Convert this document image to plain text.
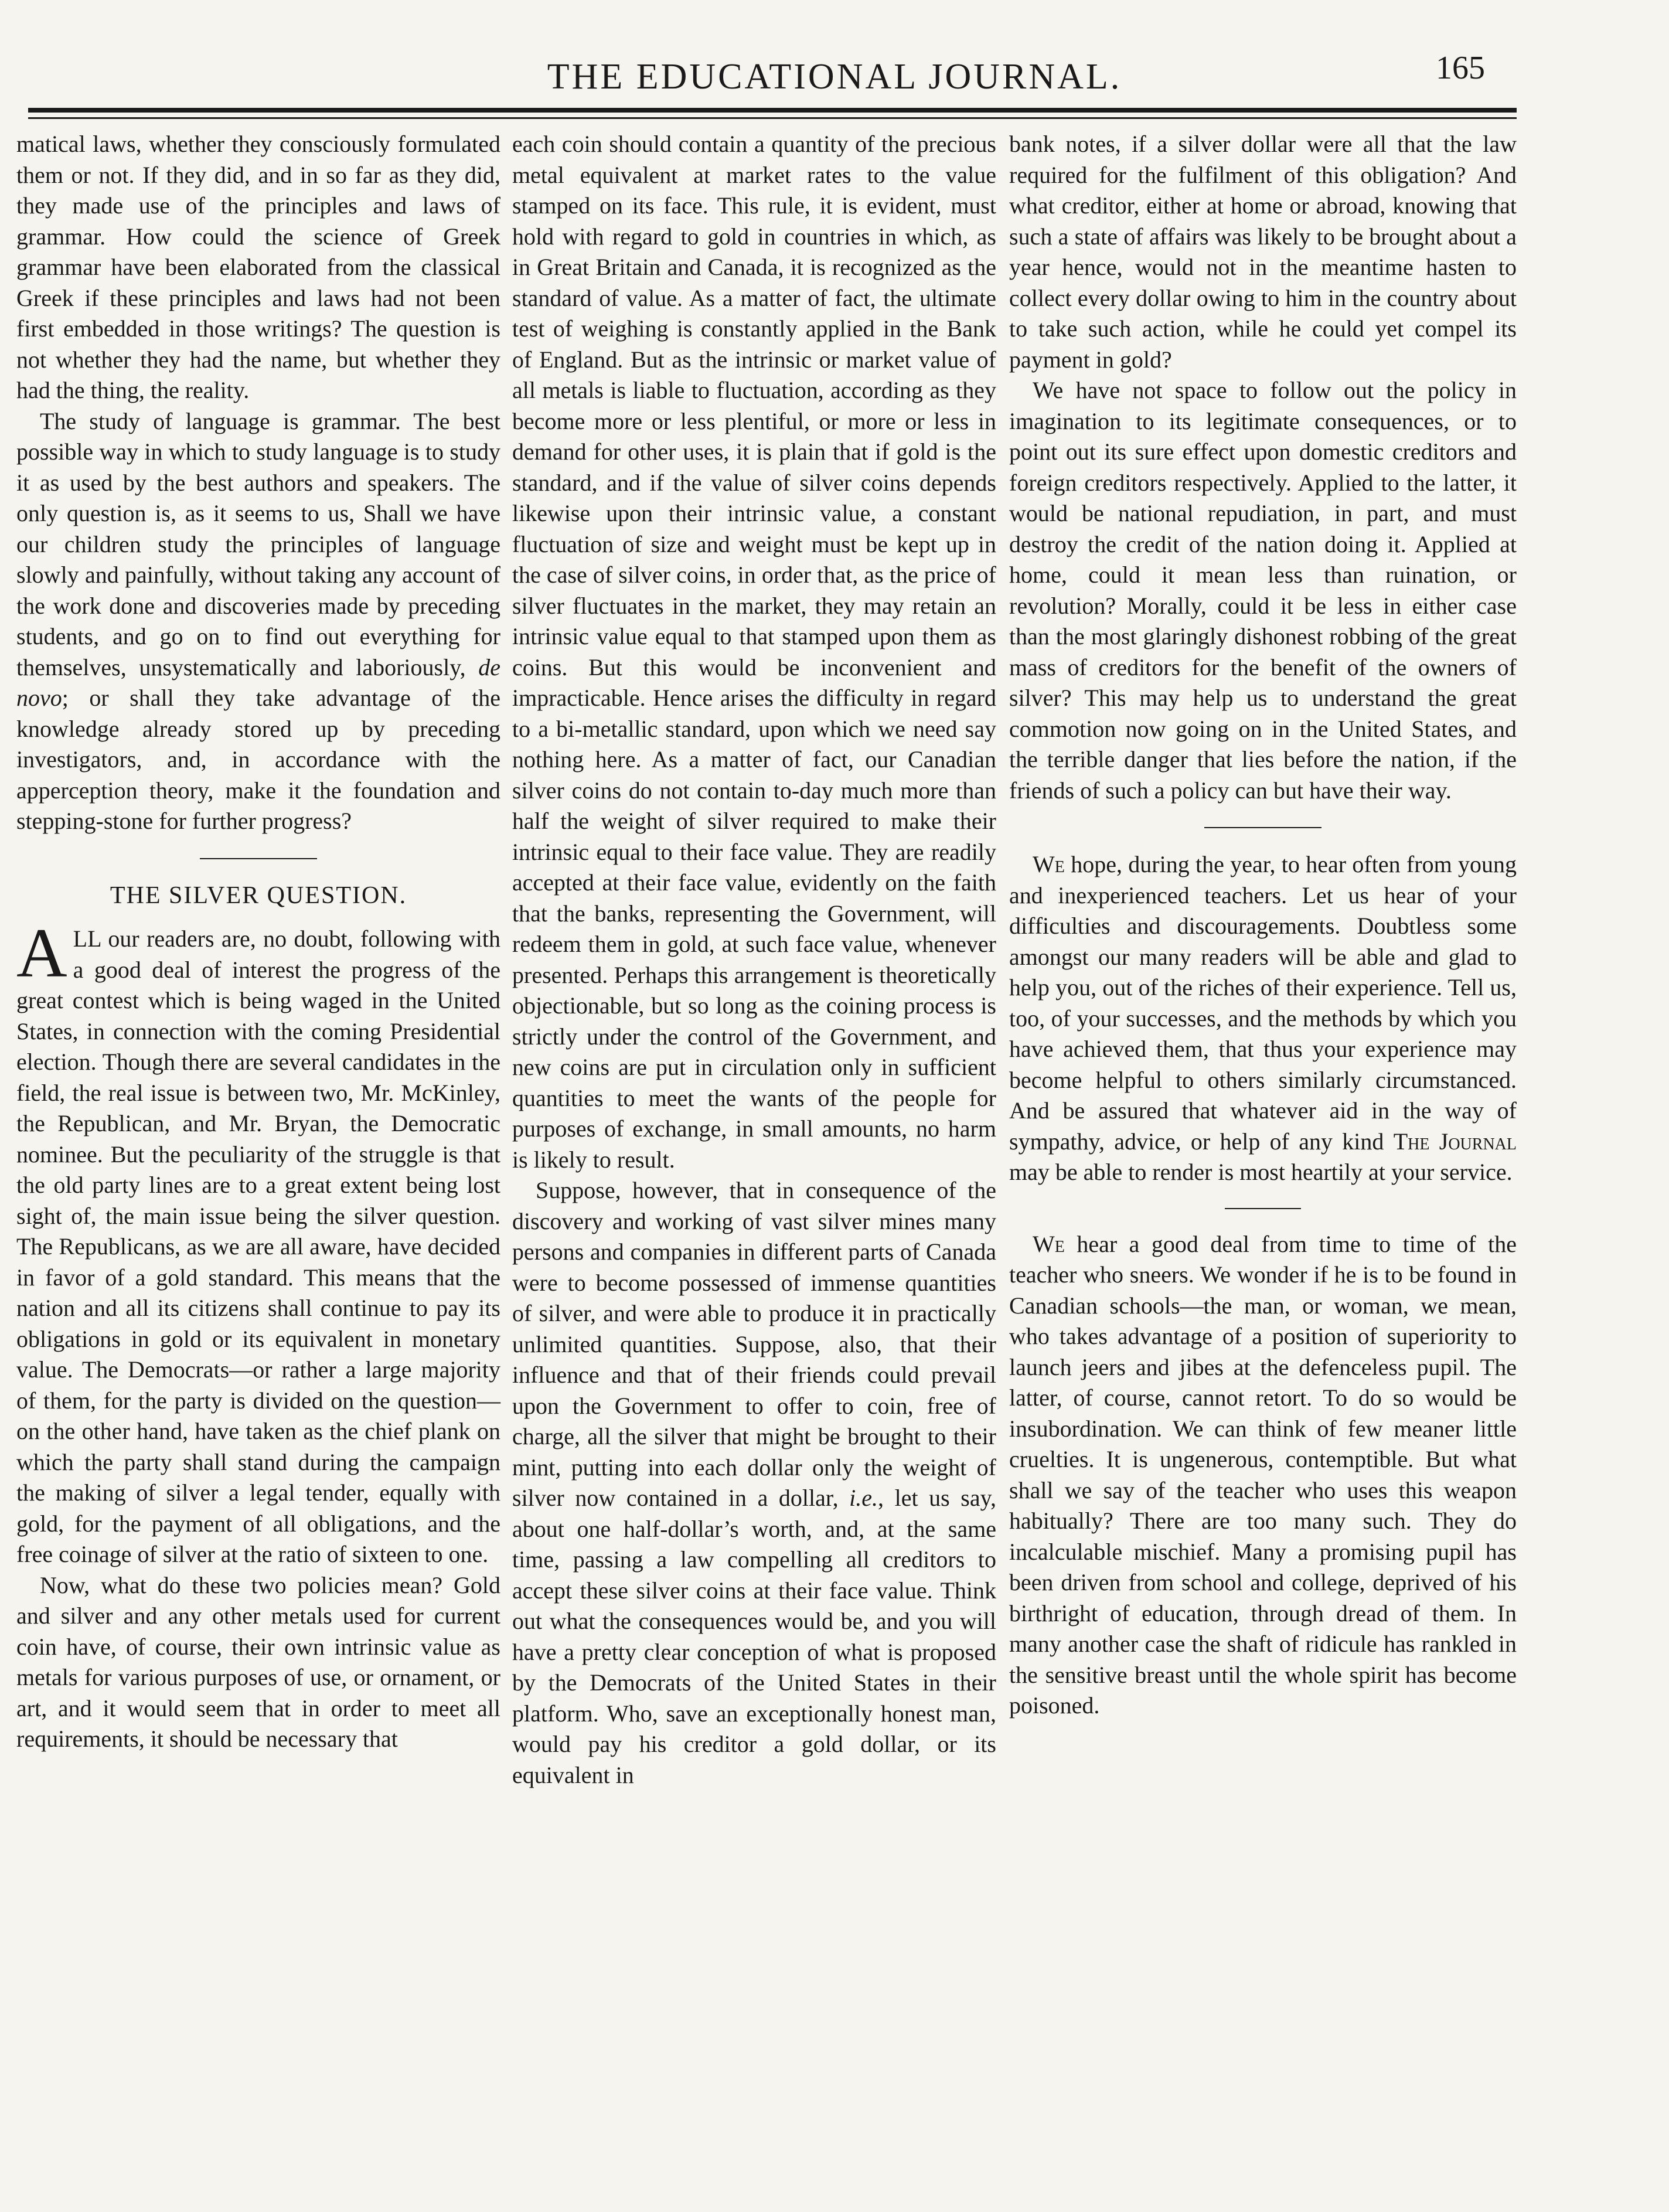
THE EDUCATIONAL JOURNAL.	165

matical laws, whether they consciously formulated them or not. If they did, and in so far as they did, they made use of the principles and laws of grammar. How could the science of Greek grammar have been elaborated from the classical Greek if these principles and laws had not been first embedded in those writings? The question is not whether they had the name, but whether they had the thing, the reality.

The study of language is grammar. The best possible way in which to study language is to study it as used by the best authors and speakers. The only question is, as it seems to us, Shall we have our children study the principles of language slowly and painfully, without taking any account of the work done and discoveries made by preceding students, and go on to find out everything for themselves, unsystematically and laboriously, de novo; or shall they take advantage of the knowledge already stored up by preceding investigators, and, in accordance with the apperception theory, make it the foundation and stepping-stone for further progress?

THE SILVER QUESTION.

ALL our readers are, no doubt, following with a good deal of interest the progress of the great contest which is being waged in the United States, in connection with the coming Presidential election. Though there are several candidates in the field, the real issue is between two, Mr. McKinley, the Republican, and Mr. Bryan, the Democratic nominee. But the peculiarity of the struggle is that the old party lines are to a great extent being lost sight of, the main issue being the silver question. The Republicans, as we are all aware, have decided in favor of a gold standard. This means that the nation and all its citizens shall continue to pay its obligations in gold or its equivalent in monetary value. The Democrats—or rather a large majority of them, for the party is divided on the question—on the other hand, have taken as the chief plank on which the party shall stand during the campaign the making of silver a legal tender, equally with gold, for the payment of all obligations, and the free coinage of silver at the ratio of sixteen to one.

Now, what do these two policies mean? Gold and silver and any other metals used for current coin have, of course, their own intrinsic value as metals for various purposes of use, or ornament, or art, and it would seem that in order to meet all requirements, it should be necessary that

each coin should contain a quantity of the precious metal equivalent at market rates to the value stamped on its face. This rule, it is evident, must hold with regard to gold in countries in which, as in Great Britain and Canada, it is recognized as the standard of value. As a matter of fact, the ultimate test of weighing is constantly applied in the Bank of England. But as the intrinsic or market value of all metals is liable to fluctuation, according as they become more or less plentiful, or more or less in demand for other uses, it is plain that if gold is the standard, and if the value of silver coins depends likewise upon their intrinsic value, a constant fluctuation of size and weight must be kept up in the case of silver coins, in order that, as the price of silver fluctuates in the market, they may retain an intrinsic value equal to that stamped upon them as coins. But this would be inconvenient and impracticable. Hence arises the difficulty in regard to a bi-metallic standard, upon which we need say nothing here. As a matter of fact, our Canadian silver coins do not contain to-day much more than half the weight of silver required to make their intrinsic equal to their face value. They are readily accepted at their face value, evidently on the faith that the banks, representing the Government, will redeem them in gold, at such face value, whenever presented. Perhaps this arrangement is theoretically objectionable, but so long as the coining process is strictly under the control of the Government, and new coins are put in circulation only in sufficient quantities to meet the wants of the people for purposes of exchange, in small amounts, no harm is likely to result.

Suppose, however, that in consequence of the discovery and working of vast silver mines many persons and companies in different parts of Canada were to become possessed of immense quantities of silver, and were able to produce it in practically unlimited quantities. Suppose, also, that their influence and that of their friends could prevail upon the Government to offer to coin, free of charge, all the silver that might be brought to their mint, putting into each dollar only the weight of silver now contained in a dollar, i.e., let us say, about one half-dollar’s worth, and, at the same time, passing a law compelling all creditors to accept these silver coins at their face value. Think out what the consequences would be, and you will have a pretty clear conception of what is proposed by the Democrats of the United States in their platform. Who, save an exceptionally honest man, would pay his creditor a gold dollar, or its equivalent in

bank notes, if a silver dollar were all that the law required for the fulfilment of this obligation? And what creditor, either at home or abroad, knowing that such a state of affairs was likely to be brought about a year hence, would not in the meantime hasten to collect every dollar owing to him in the country about to take such action, while he could yet compel its payment in gold?

We have not space to follow out the policy in imagination to its legitimate consequences, or to point out its sure effect upon domestic creditors and foreign creditors respectively. Applied to the latter, it would be national repudiation, in part, and must destroy the credit of the nation doing it. Applied at home, could it mean less than ruination, or revolution? Morally, could it be less in either case than the most glaringly dishonest robbing of the great mass of creditors for the benefit of the owners of silver? This may help us to understand the great commotion now going on in the United States, and the terrible danger that lies before the nation, if the friends of such a policy can but have their way.

We hope, during the year, to hear often from young and inexperienced teachers. Let us hear of your difficulties and discouragements. Doubtless some amongst our many readers will be able and glad to help you, out of the riches of their experience. Tell us, too, of your successes, and the methods by which you have achieved them, that thus your experience may become helpful to others similarly circumstanced. And be assured that whatever aid in the way of sympathy, advice, or help of any kind The Journal may be able to render is most heartily at your service.

We hear a good deal from time to time of the teacher who sneers. We wonder if he is to be found in Canadian schools—the man, or woman, we mean, who takes advantage of a position of superiority to launch jeers and jibes at the defenceless pupil. The latter, of course, cannot retort. To do so would be insubordination. We can think of few meaner little cruelties. It is ungenerous, contemptible. But what shall we say of the teacher who uses this weapon habitually? There are too many such. They do incalculable mischief. Many a promising pupil has been driven from school and college, deprived of his birthright of education, through dread of them. In many another case the shaft of ridicule has rankled in the sensitive breast until the whole spirit has become poisoned.
